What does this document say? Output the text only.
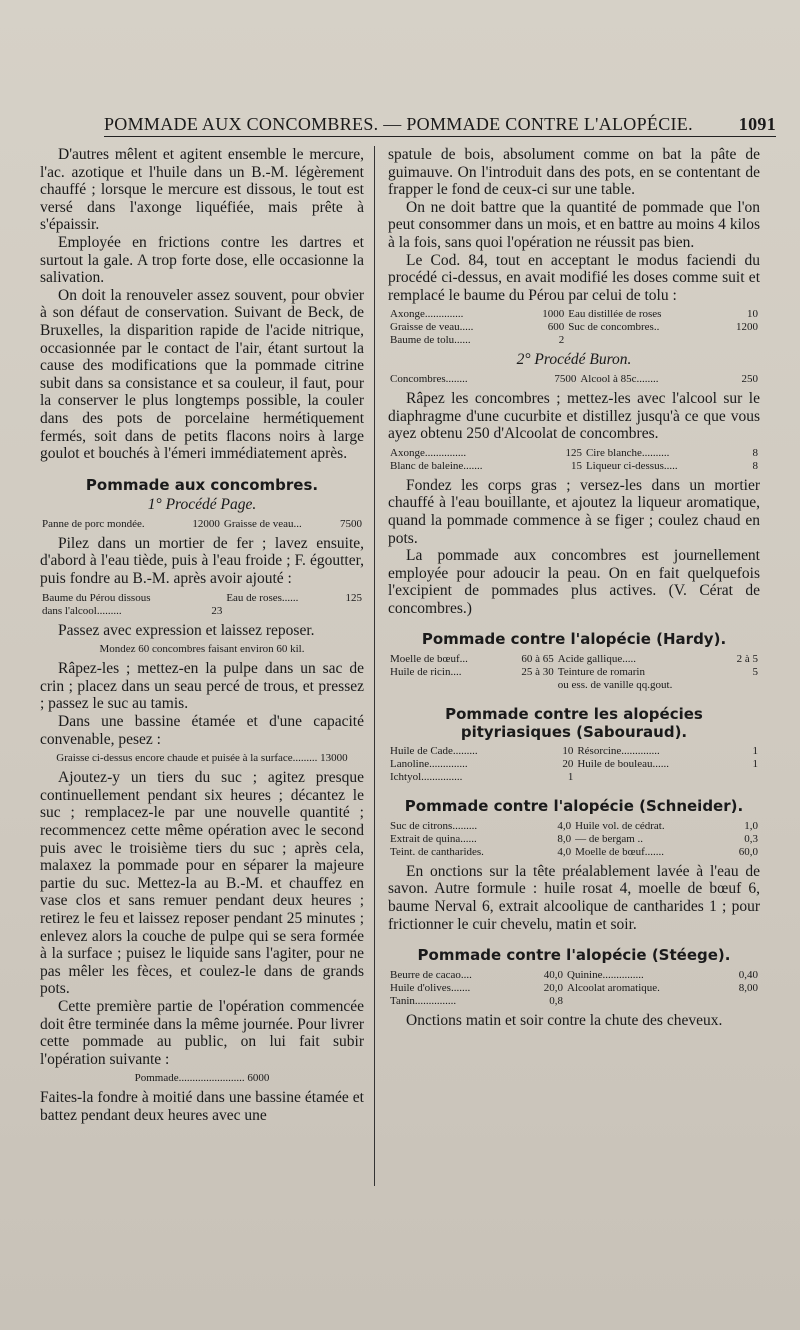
POMMADE AUX CONCOMBRES. — POMMADE CONTRE L'ALOPÉCIE.	1091

D'autres mêlent et agitent ensemble le mercure, l'ac. azotique et l'huile dans un B.-M. légèrement chauffé ; lorsque le mercure est dissous, le tout est versé dans l'axonge liquéfiée, mais prête à s'épaissir.

Employée en frictions contre les dartres et surtout la gale. A trop forte dose, elle occasionne la salivation.

On doit la renouveler assez souvent, pour obvier à son défaut de conservation. Suivant de Beck, de Bruxelles, la disparition rapide de l'acide nitrique, occasionnée par le contact de l'air, étant surtout la cause des modifications que la pommade citrine subit dans sa consistance et sa couleur, il faut, pour la conserver le plus longtemps possible, la couler dans des pots de porcelaine hermétiquement fermés, soit dans de petits flacons noirs à large goulot et bouchés à l'émeri immédiatement après.

Pommade aux concombres.
1° Procédé Page.
Panne de porc mondée.	12000	Graisse de veau...	7500

Pilez dans un mortier de fer ; lavez ensuite, d'abord à l'eau tiède, puis à l'eau froide ; F. égoutter, puis fondre au B.-M. après avoir ajouté :

Baume du Pérou dissous		Eau de roses......	125
dans l'alcool.........	23		

Passez avec expression et laissez reposer.

Mondez 60 concombres faisant environ 60 kil.

Râpez-les ; mettez-en la pulpe dans un sac de crin ; placez dans un seau percé de trous, et pressez ; passez le suc au tamis.

Dans une bassine étamée et d'une capacité convenable, pesez :

Graisse ci-dessus encore chaude et puisée à la surface......... 13000

Ajoutez-y un tiers du suc ; agitez presque continuellement pendant six heures ; décantez le suc ; remplacez-le par une nouvelle quantité ; recommencez cette même opération avec le second puis avec le troisième tiers du suc ; après cela, malaxez la pommade pour en séparer la majeure partie du suc. Mettez-la au B.-M. et chauffez en vase clos et sans remuer pendant deux heures ; retirez le feu et laissez reposer pendant 25 minutes ; enlevez alors la couche de pulpe qui se sera formée à la surface ; puisez le liquide sans l'agiter, pour ne pas mêler les fèces, et coulez-le dans de grands pots.

Cette première partie de l'opération commencée doit être terminée dans la même journée. Pour livrer cette pommade au public, on lui fait subir l'opération suivante :

Pommade........................ 6000

Faites-la fondre à moitié dans une bassine étamée et battez pendant deux heures avec une

spatule de bois, absolument comme on bat la pâte de guimauve. On l'introduit dans des pots, en se contentant de frapper le fond de ceux-ci sur une table.

On ne doit battre que la quantité de pommade que l'on peut consommer dans un mois, et en battre au moins 4 kilos à la fois, sans quoi l'opération ne réussit pas bien.

Le Cod. 84, tout en acceptant le modus faciendi du procédé ci-dessus, en avait modifié les doses comme suit et remplacé le baume du Pérou par celui de tolu :

Axonge..............	1000	Eau distillée de roses	10
Graisse de veau.....	600	Suc de concombres..	1200
Baume de tolu......	2		
2° Procédé Buron.
Concombres........	7500	Alcool à 85c........	250

Râpez les concombres ; mettez-les avec l'alcool sur le diaphragme d'une cucurbite et distillez jusqu'à ce que vous ayez obtenu 250 d'Alcoolat de concombres.

Axonge...............	125	Cire blanche..........	8
Blanc de baleine.......	15	Liqueur ci-dessus.....	8

Fondez les corps gras ; versez-les dans un mortier chauffé à l'eau bouillante, et ajoutez la liqueur aromatique, quand la pommade commence à se figer ; coulez chaud en pots.

La pommade aux concombres est journellement employée pour adoucir la peau. On en fait quelquefois l'excipient de pommades plus actives. (V. Cérat de concombres.)

Pommade contre l'alopécie (Hardy).
Moelle de bœuf...	60 à 65	Acide gallique.....	2 à 5
Huile de ricin....	25 à 30	Teinture de romarin	5
		ou ess. de vanille qq.gout.	
Pommade contre les alopécies pityriasiques (Sabouraud).
Huile de Cade.........	10	Résorcine..............	1
Lanoline..............	20	Huile de bouleau......	1
Ichtyol...............	1		
Pommade contre l'alopécie (Schneider).
Suc de citrons.........	4,0	Huile vol. de cédrat.	1,0
Extrait de quina......	8,0	— de bergam ..	0,3
Teint. de cantharides.	4,0	Moelle de bœuf.......	60,0

En onctions sur la tête préalablement lavée à l'eau de savon. Autre formule : huile rosat 4, moelle de bœuf 6, baume Nerval 6, extrait alcoolique de cantharides 1 ; pour frictionner le cuir chevelu, matin et soir.

Pommade contre l'alopécie (Stéege).
Beurre de cacao....	40,0	Quinine...............	0,40
Huile d'olives.......	20,0	Alcoolat aromatique.	8,00
Tanin...............	0,8		

Onctions matin et soir contre la chute des cheveux.
